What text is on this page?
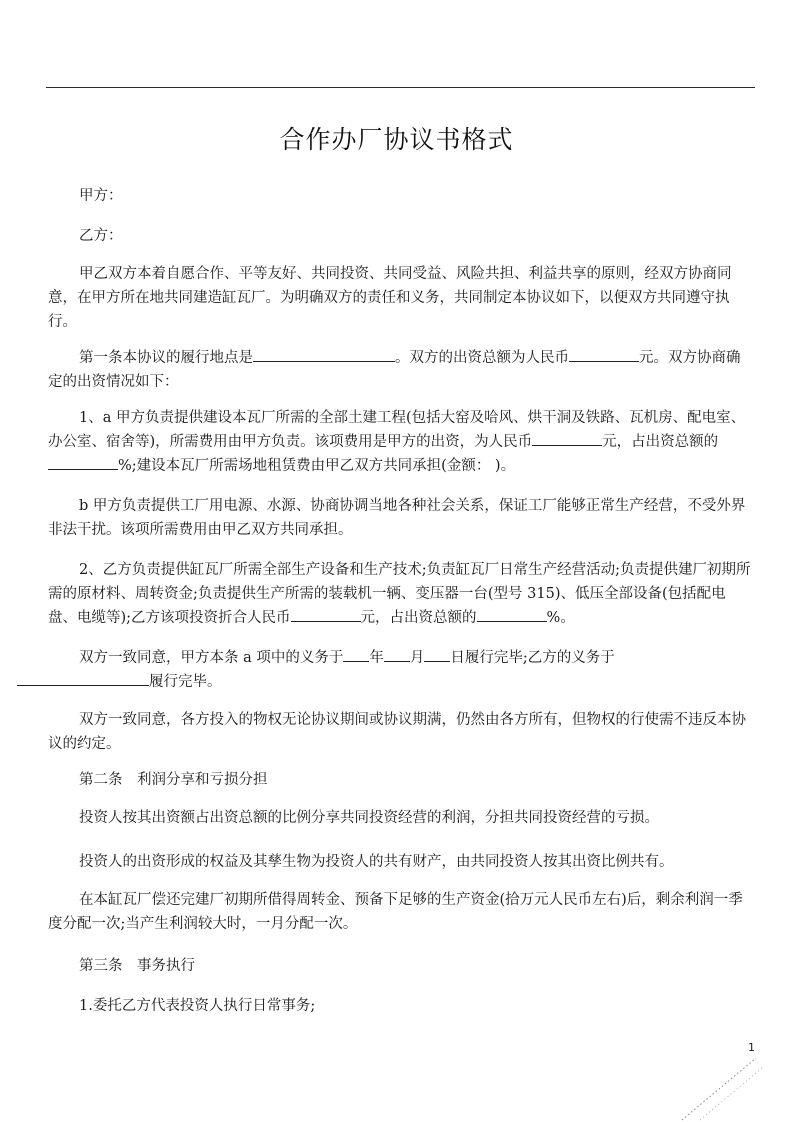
合作办厂协议书格式
甲方：
乙方：
甲乙双方本着自愿合作、平等友好、共同投资、共同受益、风险共担、利益共享的原则，经双方协商同意，在甲方所在地共同建造缸瓦厂。为明确双方的责任和义务，共同制定本协议如下，以便双方共同遵守执行。
第一条本协议的履行地点是	。双方的出资总额为人民币	元。双方协商确定的出资情况如下：
1、a 甲方负责提供建设本瓦厂所需的全部土建工程(包括大窑及哈风、烘干洞及铁路、瓦机房、配电室、办公室、宿舍等)，所需费用由甲方负责。该项费用是甲方的出资，为人民币	元，占出资总额的%;建设本瓦厂所需场地租赁费由甲乙双方共同承担(金额： )。
b 甲方负责提供工厂用电源、水源、协商协调当地各种社会关系，保证工厂能够正常生产经营，不受外界非法干扰。该项所需费用由甲乙双方共同承担。
2、乙方负责提供缸瓦厂所需全部生产设备和生产技术;负责缸瓦厂日常生产经营活动;负责提供建厂初期所需的原材料、周转资金;负责提供生产所需的装载机一辆、变压器一台(型号 315)、低压全部设备(包括配电盘、电缆等);乙方该项投资折合人民币	元，占出资总额的	%。
双方一致同意，甲方本条 a 项中的义务于 年 月 日履行完毕;乙方的义务于
履行完毕。
双方一致同意，各方投入的物权无论协议期间或协议期满，仍然由各方所有，但物权的行使需不违反本协议的约定。
第二条　利润分享和亏损分担
投资人按其出资额占出资总额的比例分享共同投资经营的利润，分担共同投资经营的亏损。
投资人的出资形成的权益及其孳生物为投资人的共有财产，由共同投资人按其出资比例共有。
在本缸瓦厂偿还完建厂初期所借得周转金、预备下足够的生产资金(拾万元人民币左右)后，剩余利润一季度分配一次;当产生利润较大时，一月分配一次。
第三条　事务执行
1.委托乙方代表投资人执行日常事务;
1
